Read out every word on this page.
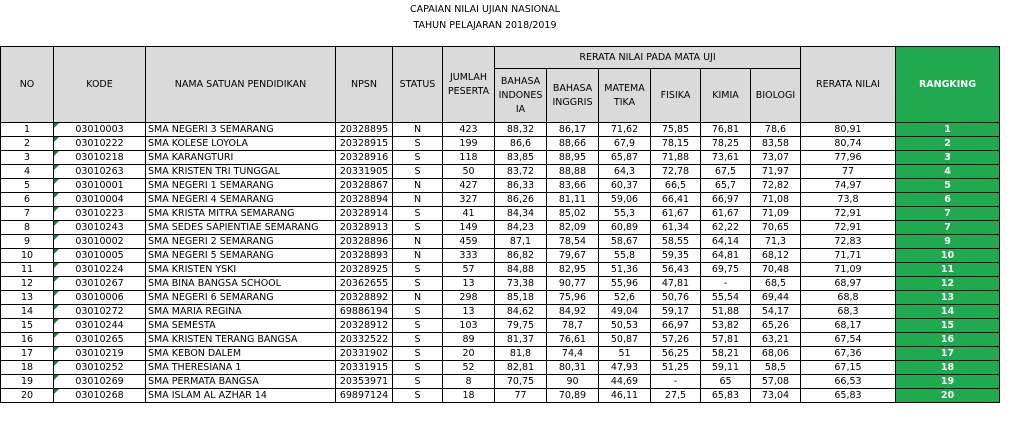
CAPAIAN NILAI UJIAN NASIONAL
TAHUN PELAJARAN 2018/2019
NO	KODE	NAMA SATUAN PENDIDIKAN	NPSN	STATUS	JUMLAH PESERTA	RERATA NILAI PADA MATA UJI						RERATA NILAI	RANGKING
						BAHASA INDONES IA	BAHASA INGGRIS	MATEMA TIKA	FISIKA	KIMIA	BIOLOGI		
1	03010003	SMA NEGERI 3 SEMARANG	20328895	N	423	88,32	86,17	71,62	75,85	76,81	78,6	80,91	1
2	03010222	SMA KOLESE LOYOLA	20328915	S	199	86,6	88,66	67,9	78,15	78,25	83,58	80,74	2
3	03010218	SMA KARANGTURI	20328916	S	118	83,85	88,95	65,87	71,88	73,61	73,07	77,96	3
4	03010263	SMA KRISTEN TRI TUNGGAL	20331905	S	50	83,72	88,88	64,3	72,78	67,5	71,97	77	4
5	03010001	SMA NEGERI 1 SEMARANG	20328867	N	427	86,33	83,66	60,37	66,5	65,7	72,82	74,97	5
6	03010004	SMA NEGERI 4 SEMARANG	20328894	N	327	86,26	81,11	59,06	66,41	66,97	71,08	73,8	6
7	03010223	SMA KRISTA MITRA SEMARANG	20328914	S	41	84,34	85,02	55,3	61,67	61,67	71,09	72,91	7
8	03010243	SMA SEDES SAPIENTIAE SEMARANG	20328913	S	149	84,23	82,09	60,89	61,34	62,22	70,65	72,91	7
9	03010002	SMA NEGERI 2 SEMARANG	20328896	N	459	87,1	78,54	58,67	58,55	64,14	71,3	72,83	9
10	03010005	SMA NEGERI 5 SEMARANG	20328893	N	333	86,82	79,67	55,8	59,35	64,81	68,12	71,71	10
11	03010224	SMA KRISTEN YSKI	20328925	S	57	84,88	82,95	51,36	56,43	69,75	70,48	71,09	11
12	03010267	SMA BINA BANGSA SCHOOL	20362655	S	13	73,38	90,77	55,96	47,81	-	68,5	68,97	12
13	03010006	SMA NEGERI 6 SEMARANG	20328892	N	298	85,18	75,96	52,6	50,76	55,54	69,44	68,8	13
14	03010272	SMA MARIA REGINA	69886194	S	13	84,62	84,92	49,04	59,17	51,88	54,17	68,3	14
15	03010244	SMA SEMESTA	20328912	S	103	79,75	78,7	50,53	66,97	53,82	65,26	68,17	15
16	03010265	SMA KRISTEN TERANG BANGSA	20332522	S	89	81,37	76,61	50,87	57,26	57,81	63,21	67,54	16
17	03010219	SMA KEBON DALEM	20331902	S	20	81,8	74,4	51	56,25	58,21	68,06	67,36	17
18	03010252	SMA THERESIANA 1	20331915	S	52	82,81	80,31	47,93	51,25	59,11	58,5	67,15	18
19	03010269	SMA PERMATA BANGSA	20353971	S	8	70,75	90	44,69	-	65	57,08	66,53	19
20	03010268	SMA ISLAM AL AZHAR 14	69897124	S	18	77	70,89	46,11	27,5	65,83	73,04	65,83	20
